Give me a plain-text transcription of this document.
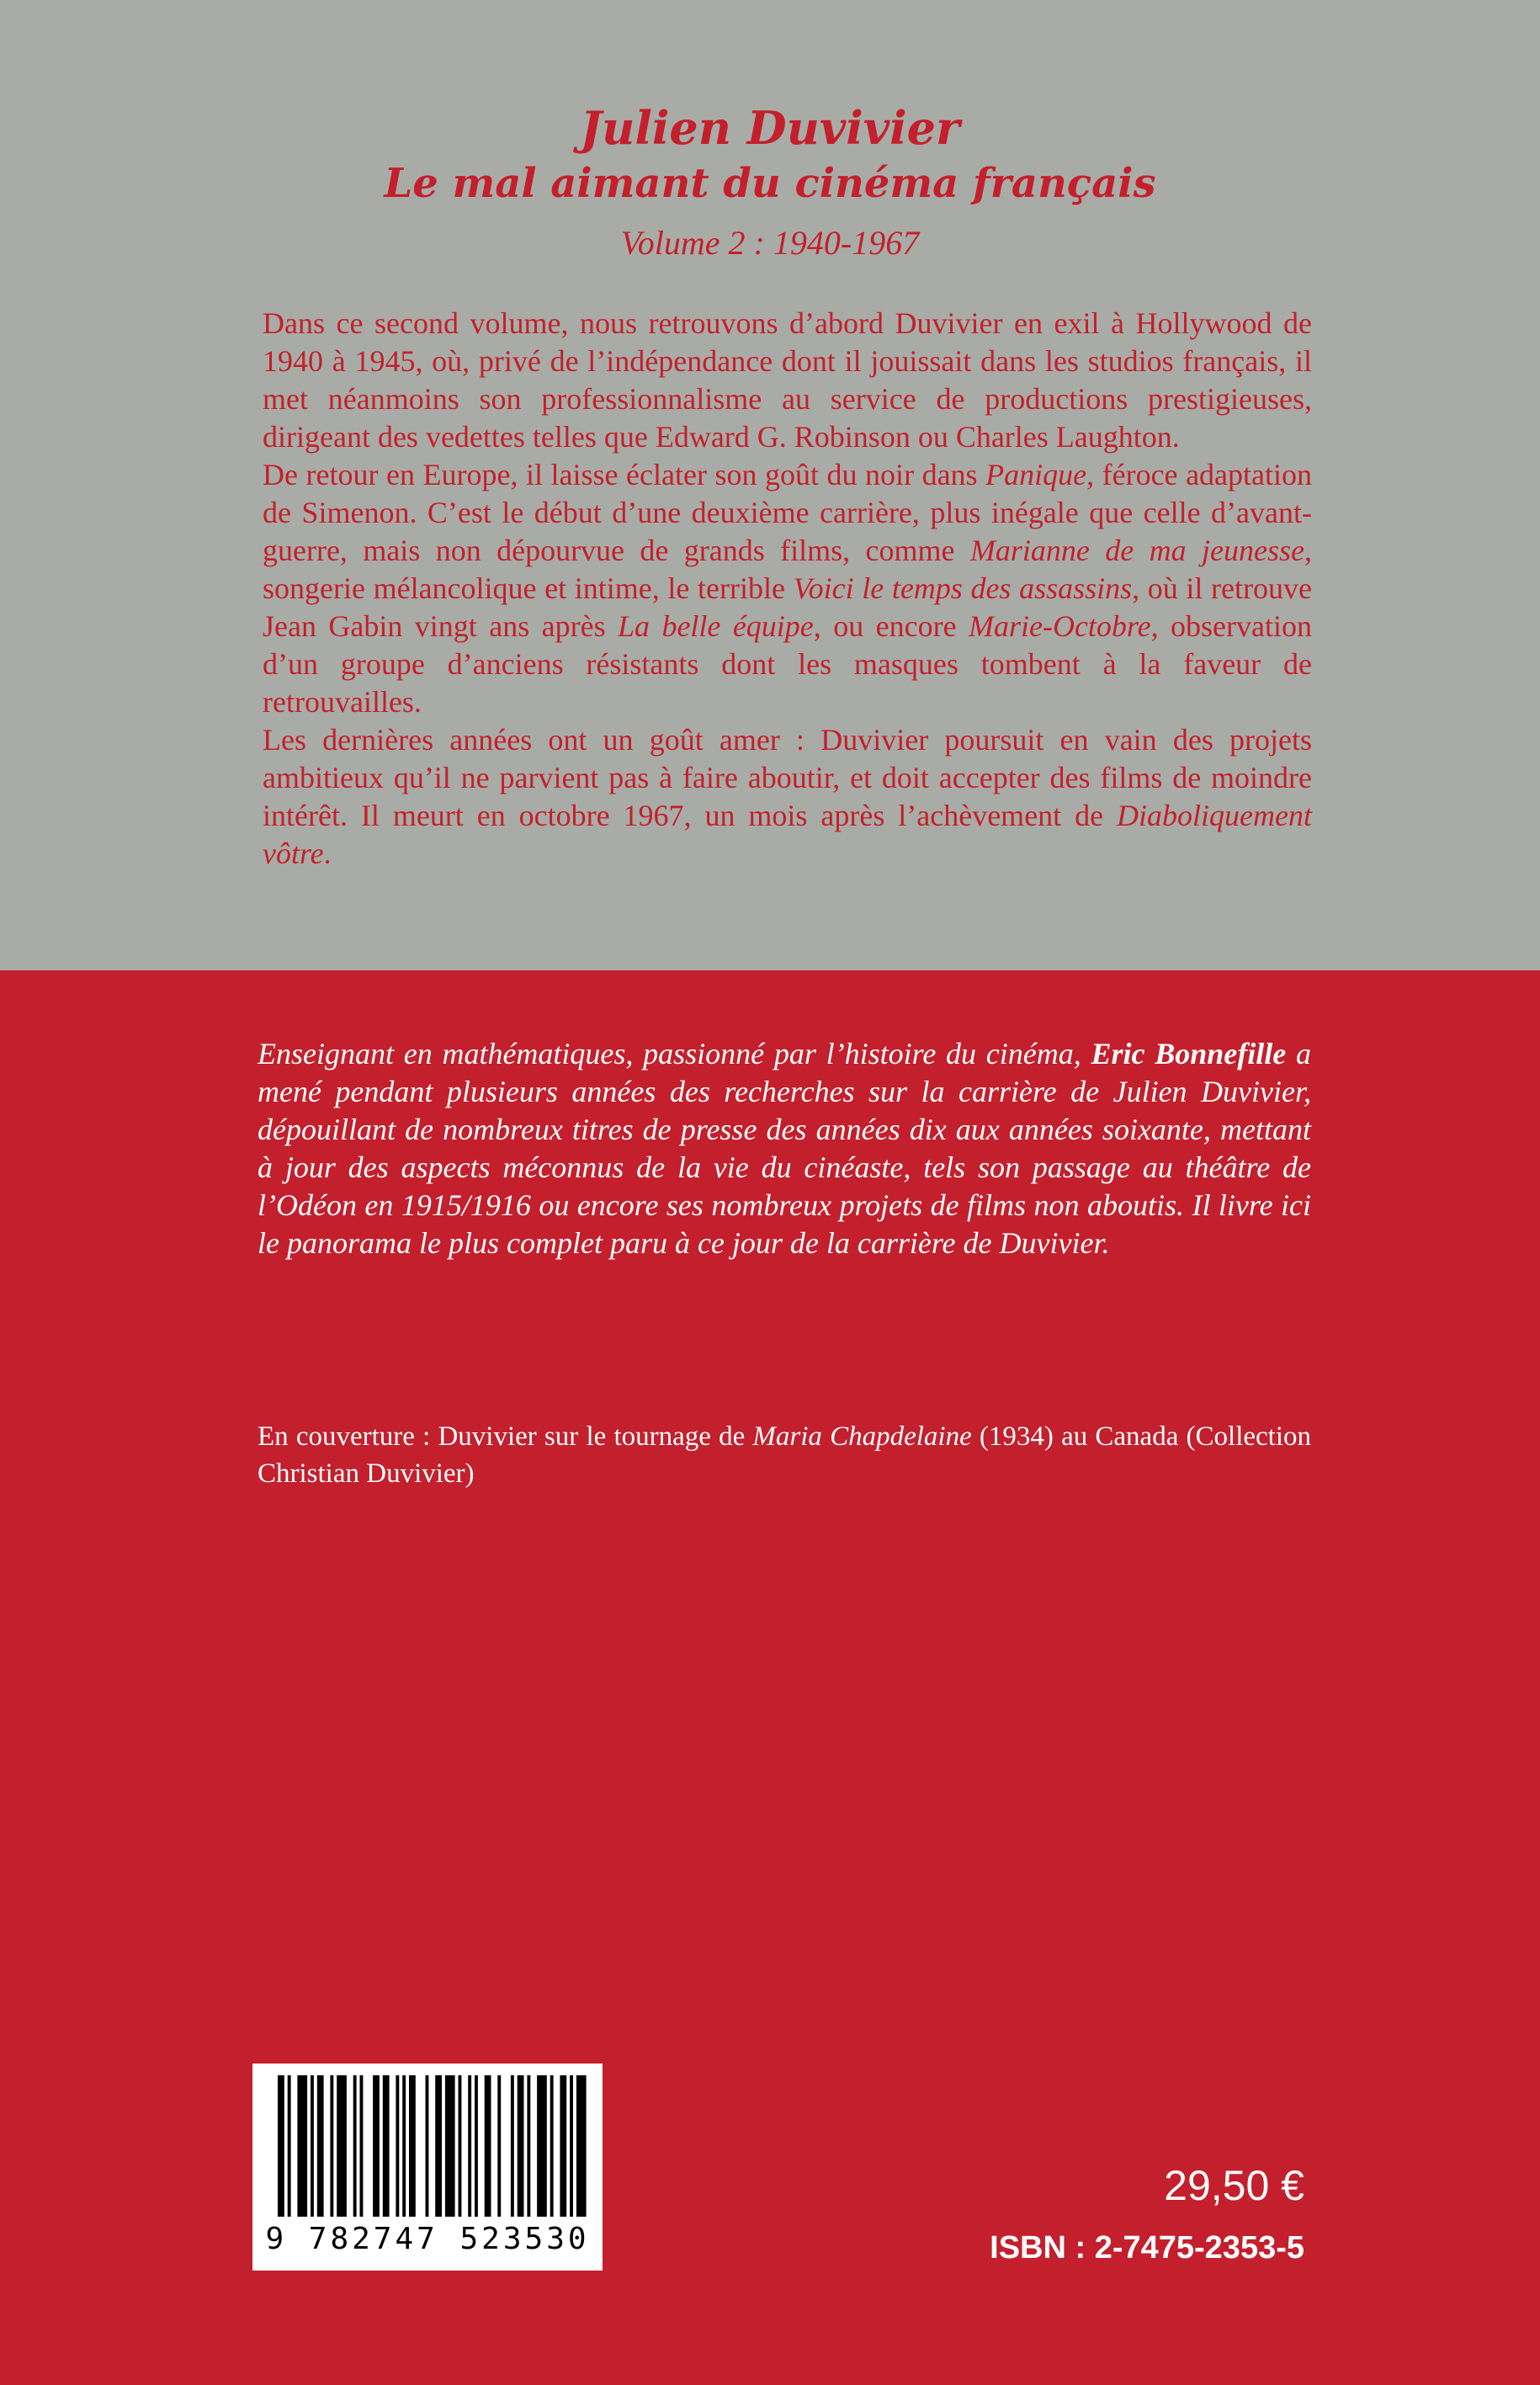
Julien Duvivier
Le mal aimant du cinéma français
Volume 2 : 1940-1967

Dans ce second volume, nous retrouvons d’abord Duvivier en exil à Hollywood de 1940 à 1945, où, privé de l’indépendance dont il jouissait dans les studios français, il met néanmoins son professionnalisme au service de productions prestigieuses, dirigeant des vedettes telles que Edward G. Robinson ou Charles Laughton.

De retour en Europe, il laisse éclater son goût du noir dans Panique, féroce adaptation de Simenon. C’est le début d’une deuxième carrière, plus inégale que celle d’avant-guerre, mais non dépourvue de grands films, comme Marianne de ma jeunesse, songerie mélancolique et intime, le terrible Voici le temps des assassins, où il retrouve Jean Gabin vingt ans après La belle équipe, ou encore Marie-Octobre, observation d’un groupe d’anciens résistants dont les masques tombent à la faveur de retrouvailles.

Les dernières années ont un goût amer : Duvivier poursuit en vain des projets ambitieux qu’il ne parvient pas à faire aboutir, et doit accepter des films de moindre intérêt. Il meurt en octobre 1967, un mois après l’achèvement de Diaboliquement vôtre.

Enseignant en mathématiques, passionné par l’histoire du cinéma, Eric Bonnefille a mené pendant plusieurs années des recherches sur la carrière de Julien Duvivier, dépouillant de nombreux titres de presse des années dix aux années soixante, mettant à jour des aspects méconnus de la vie du cinéaste, tels son passage au théâtre de l’Odéon en 1915/1916 ou encore ses nombreux projets de films non aboutis. Il livre ici le panorama le plus complet paru à ce jour de la carrière de Duvivier.
En couverture : Duvivier sur le tournage de Maria Chapdelaine (1934) au Canada (Collection Christian Duvivier)
9 782747 523530
29,50 €
ISBN : 2-7475-2353-5
